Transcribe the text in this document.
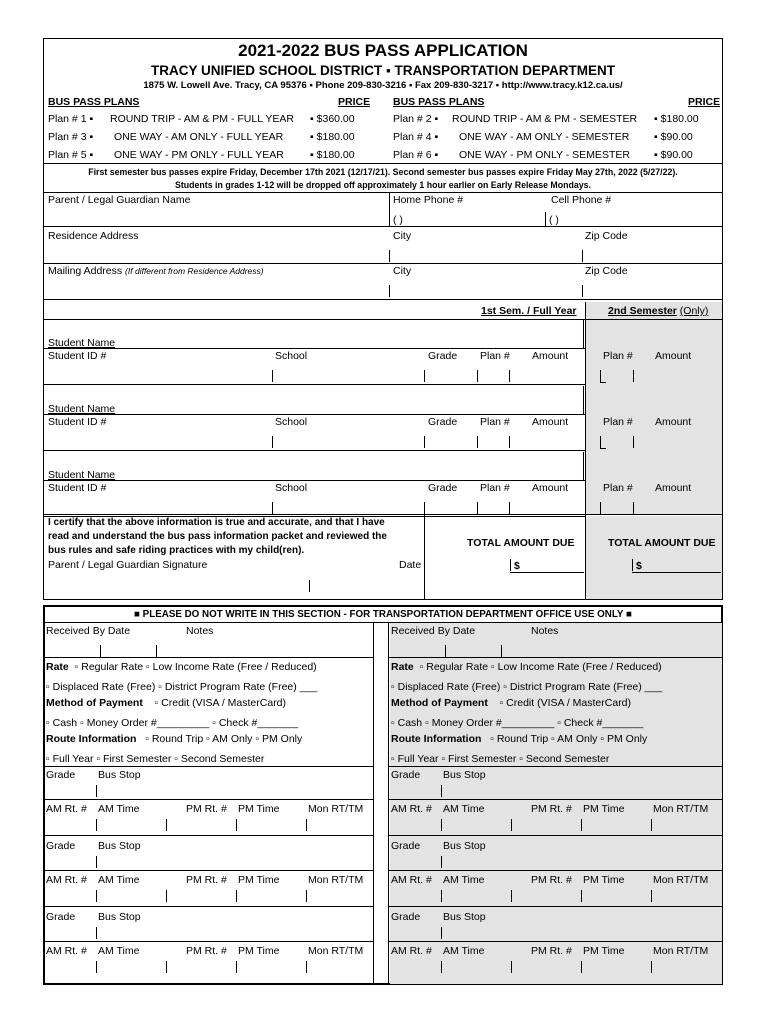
2021-2022 BUS PASS APPLICATION
TRACY UNIFIED SCHOOL DISTRICT ▪ TRANSPORTATION DEPARTMENT
1875 W. Lowell Ave. Tracy, CA 95376 ▪ Phone 209-830-3216 ▪ Fax 209-830-3217 ▪ http://www.tracy.k12.ca.us/
BUS PASS PLANS	PRICE BUS PASS PLANS	PRICE
Plan # 1 ▪ ROUND TRIP - AM & PM - FULL YEAR ▪ $360.00
Plan # 3 ▪ ONE WAY - AM ONLY - FULL YEAR	▪ $180.00
Plan # 5 ▪ ONE WAY - PM ONLY - FULL YEAR ▪ $180.00
Plan # 2 ▪ ROUND TRIP - AM & PM - SEMESTER ▪ $180.00
Plan # 4 ▪ ONE WAY - AM ONLY - SEMESTER ▪ $90.00
Plan # 6 ▪ ONE WAY - PM ONLY - SEMESTER ▪ $90.00
First semester bus passes expire Friday, December 17th 2021 (12/17/21). Second semester bus passes expire Friday May 27th, 2022 (5/27/22).
Students in grades 1-12 will be dropped off approximately 1 hour earlier on Early Release Mondays.
Parent / Legal Guardian Name	Home Phone #
( )
Cell Phone #
( )
Residence Address	City	Zip Code
Mailing Address (If different from Residence Address)	City	Zip Code
1st Sem. / Full Year	2nd Semester (Only)
Student Name
Student ID #	School	Grade Plan # Amount	Plan # Amount
Student Name
Student ID #	School	Grade Plan # Amount	Plan # Amount
Student Name
Student ID #	School	Grade Plan # Amount	Plan # Amount
I certify that the above information is true and accurate, and that I have
read and understand the bus pass information packet and reviewed the
bus rules and safe riding practices with my child(ren).
Parent / Legal Guardian Signature	Date
TOTAL AMOUNT DUE	TOTAL AMOUNT DUE
$	$
■ PLEASE DO NOT WRITE IN THIS SECTION - FOR TRANSPORTATION DEPARTMENT OFFICE USE ONLY ■
Received By Date	Notes
Rate ▫ Regular Rate ▫ Low Income Rate (Free / Reduced)
▫ Displaced Rate (Free) ▫ District Program Rate (Free) ___
Method of Payment ▫ Credit (VISA / MasterCard)
▫ Cash ▫ Money Order #_________ ▫ Check #_______
Route Information ▫ Round Trip ▫ AM Only ▫ PM Only
▫ Full Year ▫ First Semester ▫ Second Semester
Grade Bus Stop
AM Rt. # AM Time	PM Rt. # PM Time	Mon RT/TM
Grade Bus Stop
AM Rt. # AM Time	PM Rt. # PM Time	Mon RT/TM
Grade Bus Stop
AM Rt. # AM Time	PM Rt. # PM Time	Mon RT/TM
Received By Date	Notes
Rate ▫ Regular Rate ▫ Low Income Rate (Free / Reduced)
▫ Displaced Rate (Free) ▫ District Program Rate (Free) ___
Method of Payment ▫ Credit (VISA / MasterCard)
▫ Cash ▫ Money Order #_________ ▫ Check #_______
Route Information ▫ Round Trip ▫ AM Only ▫ PM Only
▫ Full Year ▫ First Semester ▫ Second Semester
Grade Bus Stop
AM Rt. # AM Time	PM Rt. # PM Time	Mon RT/TM
Grade Bus Stop
AM Rt. # AM Time	PM Rt. # PM Time	Mon RT/TM
Grade Bus Stop
AM Rt. # AM Time	PM Rt. # PM Time	Mon RT/TM
